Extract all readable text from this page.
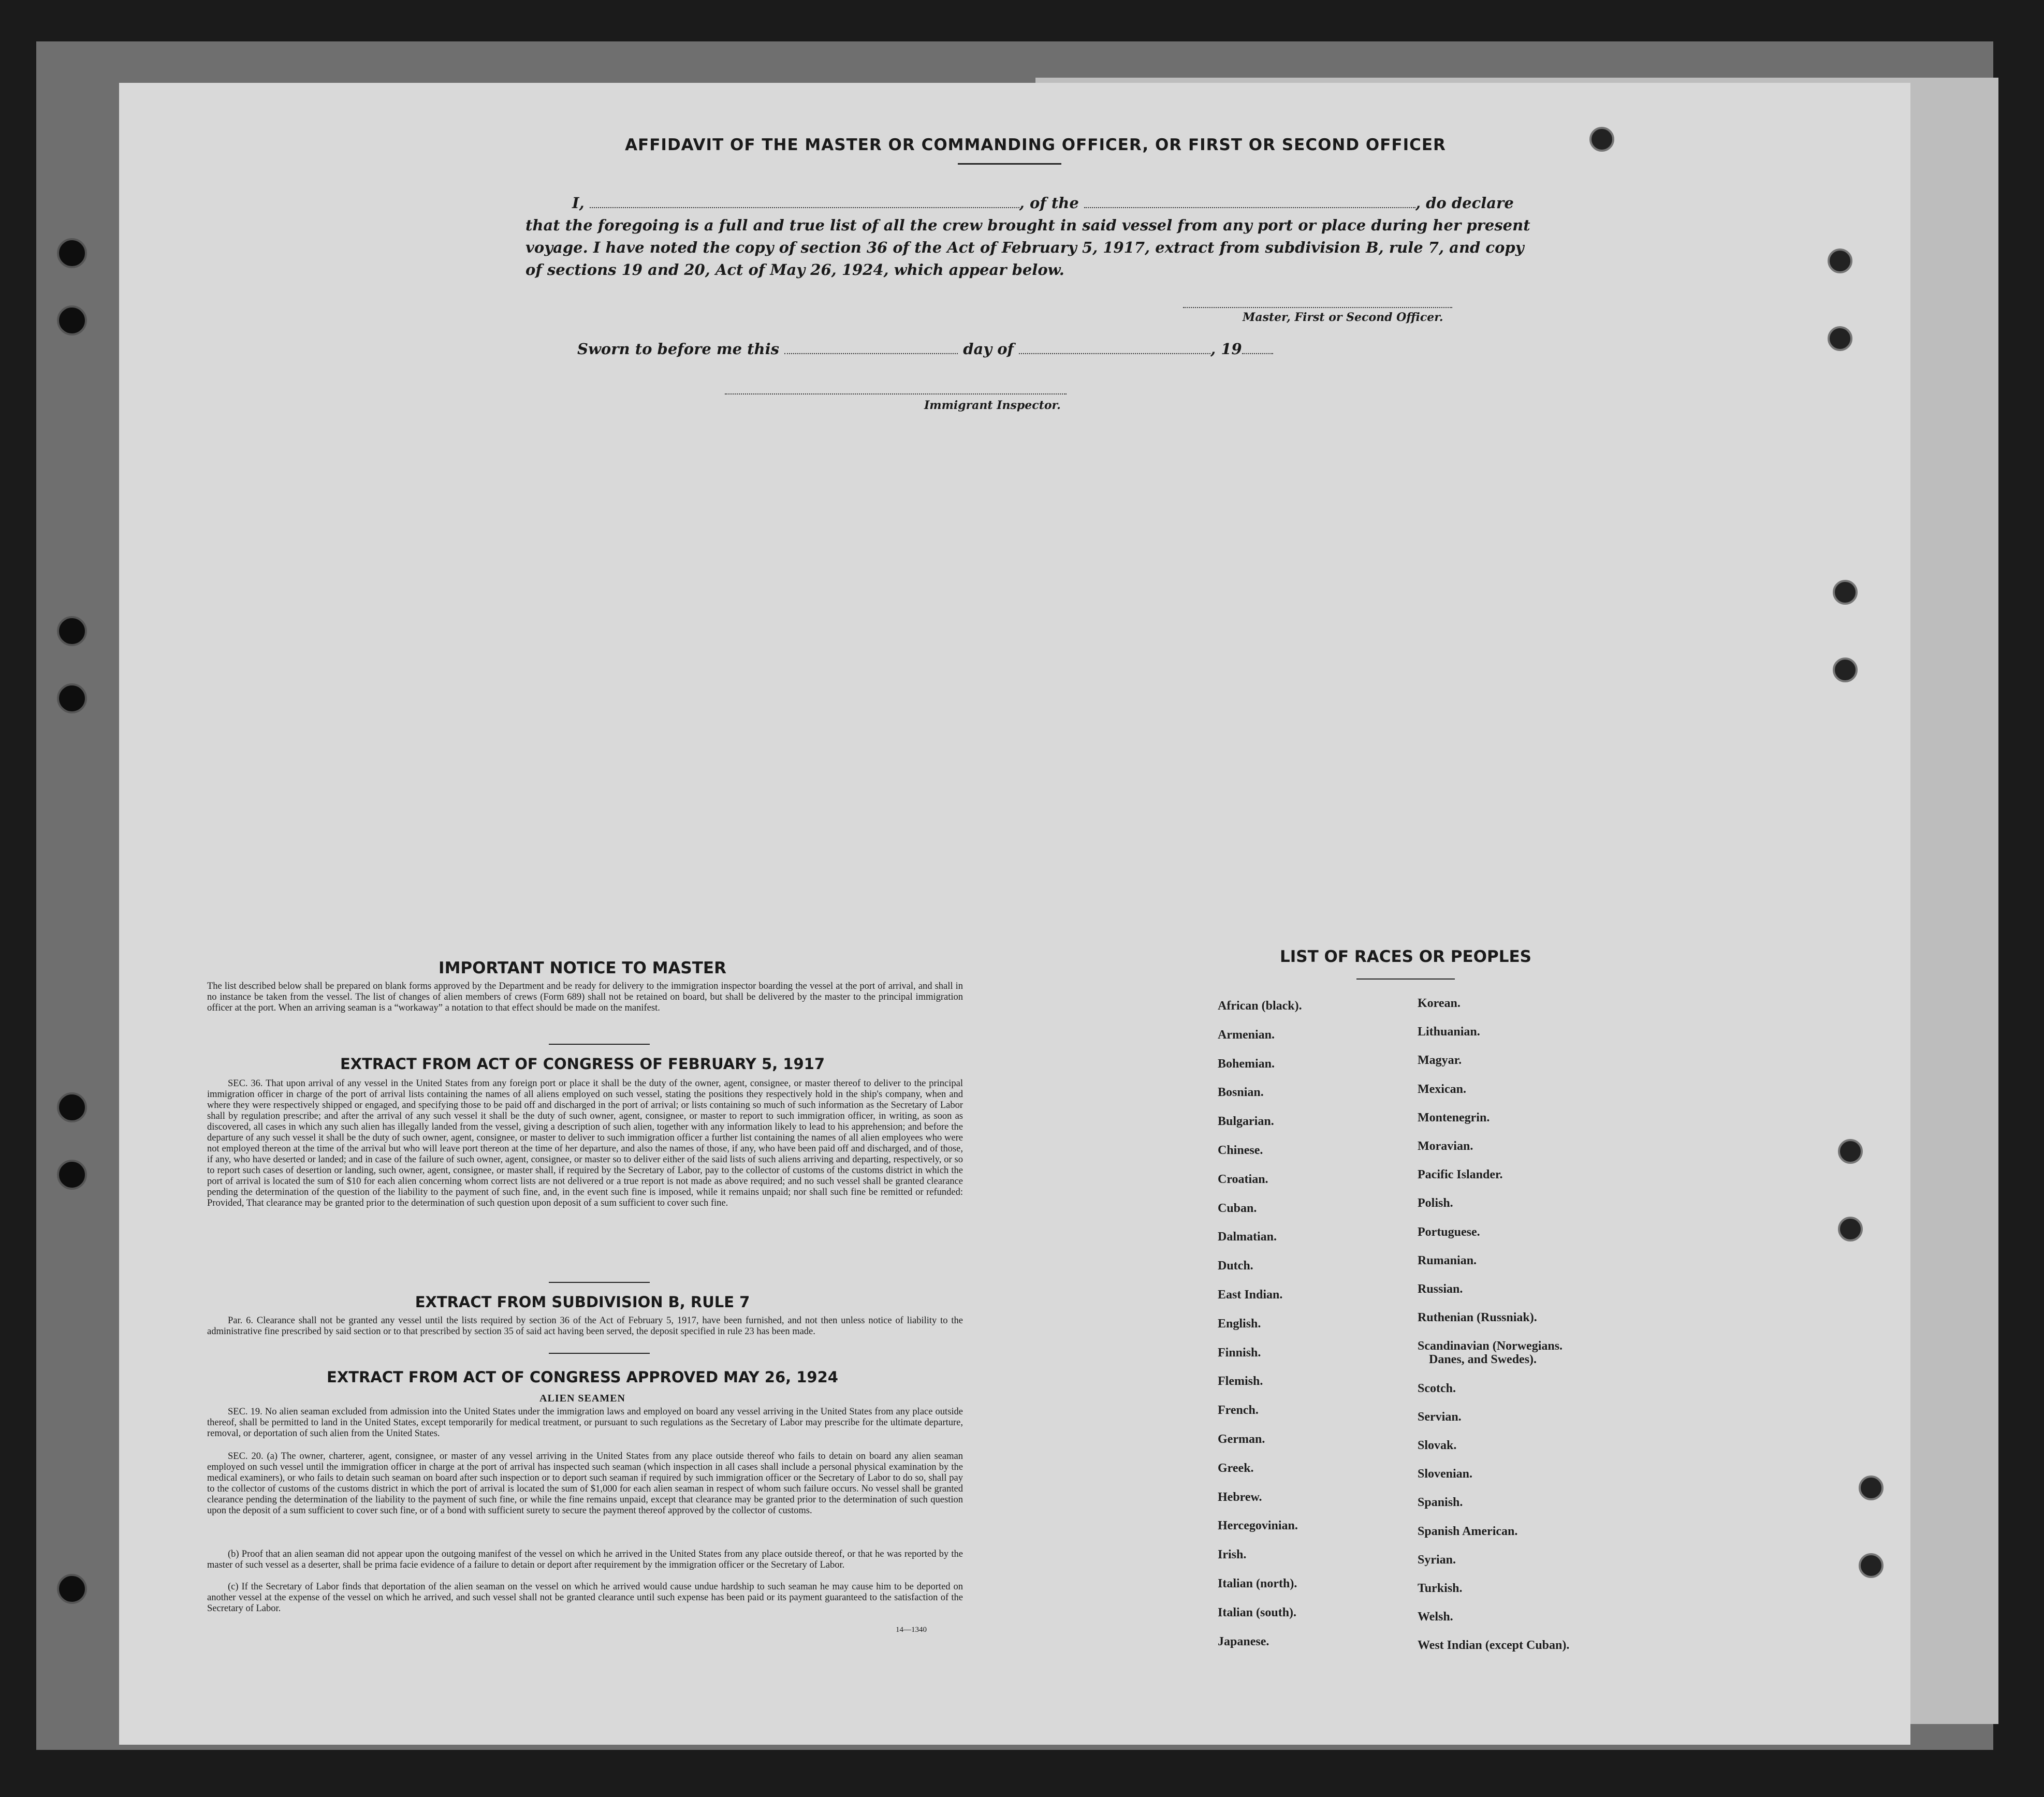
AFFIDAVIT OF THE MASTER OR COMMANDING OFFICER, OR FIRST OR SECOND OFFICER
I,	, of the	, do declare
that the foregoing is a full and true list of all the crew brought in said vessel from any port or place during her present
voyage. I have noted the copy of section 36 of the Act of February 5, 1917, extract from subdivision B, rule 7, and copy
of sections 19 and 20, Act of May 26, 1924, which appear below.
Master, First or Second Officer.
Sworn to before me this	day of	, 19
Immigrant Inspector.
IMPORTANT NOTICE TO MASTER
The list described below shall be prepared on blank forms approved by the Department and be ready for delivery to the immigration inspector boarding the vessel at the port of arrival, and shall in no instance be taken from the vessel. The list of changes of alien members of crews (Form 689) shall not be retained on board, but shall be delivered by the master to the principal immigration officer at the port. When an arriving seaman is a “workaway” a notation to that effect should be made on the manifest.
EXTRACT FROM ACT OF CONGRESS OF FEBRUARY 5, 1917
SEC. 36. That upon arrival of any vessel in the United States from any foreign port or place it shall be the duty of the owner, agent, consignee, or master thereof to deliver to the principal immigration officer in charge of the port of arrival lists containing the names of all aliens employed on such vessel, stating the positions they respectively hold in the ship's company, when and where they were respectively shipped or engaged, and specifying those to be paid off and discharged in the port of arrival; or lists containing so much of such information as the Secretary of Labor shall by regulation prescribe; and after the arrival of any such vessel it shall be the duty of such owner, agent, consignee, or master to report to such immigration officer, in writing, as soon as discovered, all cases in which any such alien has illegally landed from the vessel, giving a description of such alien, together with any information likely to lead to his apprehension; and before the departure of any such vessel it shall be the duty of such owner, agent, consignee, or master to deliver to such immigration officer a further list containing the names of all alien employees who were not employed thereon at the time of the arrival but who will leave port thereon at the time of her departure, and also the names of those, if any, who have been paid off and discharged, and of those, if any, who have deserted or landed; and in case of the failure of such owner, agent, consignee, or master so to deliver either of the said lists of such aliens arriving and departing, respectively, or so to report such cases of desertion or landing, such owner, agent, consignee, or master shall, if required by the Secretary of Labor, pay to the collector of customs of the customs district in which the port of arrival is located the sum of $10 for each alien concerning whom correct lists are not delivered or a true report is not made as above required; and no such vessel shall be granted clearance pending the determination of the question of the liability to the payment of such fine, and, in the event such fine is imposed, while it remains unpaid; nor shall such fine be remitted or refunded: Provided, That clearance may be granted prior to the determination of such question upon deposit of a sum sufficient to cover such fine.
EXTRACT FROM SUBDIVISION B, RULE 7
Par. 6. Clearance shall not be granted any vessel until the lists required by section 36 of the Act of February 5, 1917, have been furnished, and not then unless notice of liability to the administrative fine prescribed by said section or to that prescribed by section 35 of said act having been served, the deposit specified in rule 23 has been made.
EXTRACT FROM ACT OF CONGRESS APPROVED MAY 26, 1924
ALIEN SEAMEN
SEC. 19. No alien seaman excluded from admission into the United States under the immigration laws and employed on board any vessel arriving in the United States from any place outside thereof, shall be permitted to land in the United States, except temporarily for medical treatment, or pursuant to such regulations as the Secretary of Labor may prescribe for the ultimate departure, removal, or deportation of such alien from the United States.
SEC. 20. (a) The owner, charterer, agent, consignee, or master of any vessel arriving in the United States from any place outside thereof who fails to detain on board any alien seaman employed on such vessel until the immigration officer in charge at the port of arrival has inspected such seaman (which inspection in all cases shall include a personal physical examination by the medical examiners), or who fails to detain such seaman on board after such inspection or to deport such seaman if required by such immigration officer or the Secretary of Labor to do so, shall pay to the collector of customs of the customs district in which the port of arrival is located the sum of $1,000 for each alien seaman in respect of whom such failure occurs. No vessel shall be granted clearance pending the determination of the liability to the payment of such fine, or while the fine remains unpaid, except that clearance may be granted prior to the determination of such question upon the deposit of a sum sufficient to cover such fine, or of a bond with sufficient surety to secure the payment thereof approved by the collector of customs.
(b) Proof that an alien seaman did not appear upon the outgoing manifest of the vessel on which he arrived in the United States from any place outside thereof, or that he was reported by the master of such vessel as a deserter, shall be prima facie evidence of a failure to detain or deport after requirement by the immigration officer or the Secretary of Labor.
(c) If the Secretary of Labor finds that deportation of the alien seaman on the vessel on which he arrived would cause undue hardship to such seaman he may cause him to be deported on another vessel at the expense of the vessel on which he arrived, and such vessel shall not be granted clearance until such expense has been paid or its payment guaranteed to the satisfaction of the Secretary of Labor.
14—1340
LIST OF RACES OR PEOPLES
African (black).
Armenian.
Bohemian.
Bosnian.
Bulgarian.
Chinese.
Croatian.
Cuban.
Dalmatian.
Dutch.
East Indian.
English.
Finnish.
Flemish.
French.
German.
Greek.
Hebrew.
Hercegovinian.
Irish.
Italian (north).
Italian (south).
Japanese.
Korean.
Lithuanian.
Magyar.
Mexican.
Montenegrin.
Moravian.
Pacific Islander.
Polish.
Portuguese.
Rumanian.
Russian.
Ruthenian (Russniak).
Scandinavian (Norwegians.
Danes, and Swedes).
Scotch.
Servian.
Slovak.
Slovenian.
Spanish.
Spanish American.
Syrian.
Turkish.
Welsh.
West Indian (except Cuban).
